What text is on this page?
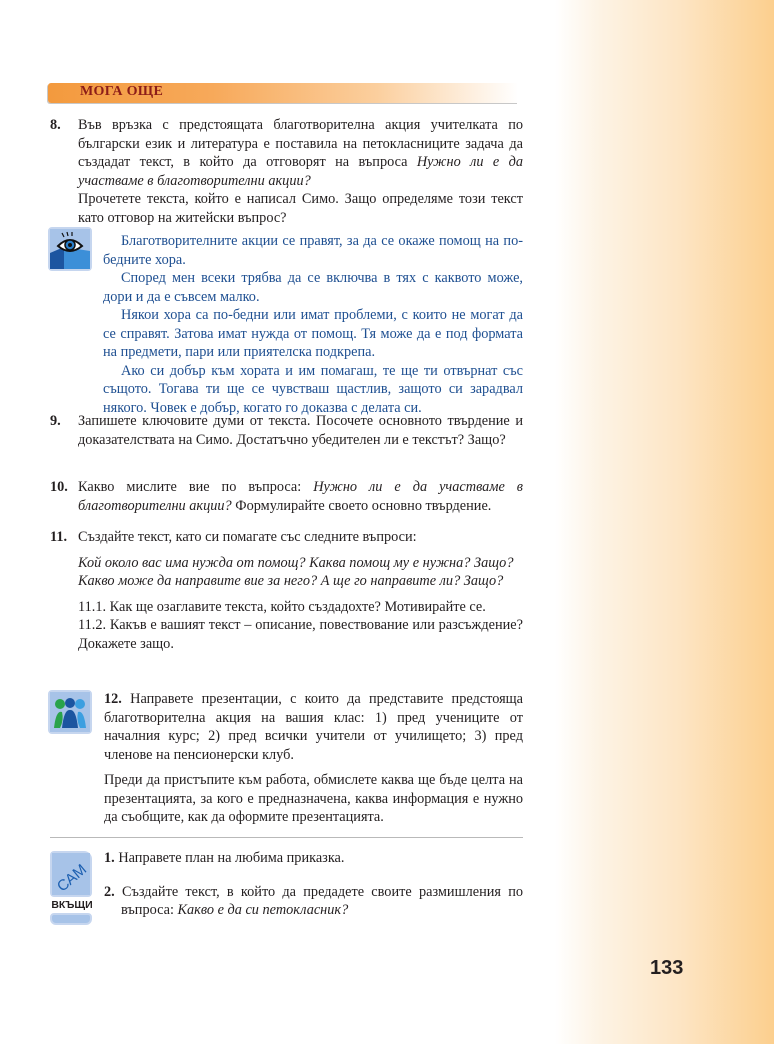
МОГА ОЩЕ
8. Във връзка с предстоящата благотворителна акция учителката по български език и литература е поставила на петокласниците задача да създадат текст, в който да отговорят на въпроса Нужно ли е да участваме в благотворителни акции?
Прочетете текста, който е написал Симо. Защо определяме този текст като отговор на житейски въпрос?

Благотворителните акции се правят, за да се окаже помощ на по-бедните хора.

Според мен всеки трябва да се включва в тях с каквото може, дори и да е съвсем малко.

Някои хора са по-бедни или имат проблеми, с които не могат да се справят. Затова имат нужда от помощ. Тя може да е под формата на предмети, пари или приятелска подкрепа.

Ако си добър към хората и им помагаш, те ще ти отвърнат със същото. Тогава ти ще се чувстваш щастлив, защото си зарадвал някого. Човек е добър, когато го доказва с делата си.

9. Запишете ключовите думи от текста. Посочете основното твърдение и доказателствата на Симо. Достатъчно убедителен ли е текстът? Защо?
10. Какво мислите вие по въпроса: Нужно ли е да участваме в благотворителни акции? Формулирайте своето основно твърдение.
11. Създайте текст, като си помагате със следните въпроси:
Кой около вас има нужда от помощ? Каква помощ му е нужна? Защо?
Какво може да направите вие за него? А ще го направите ли? Защо?
11.1. Как ще озаглавите текста, който създадохте? Мотивирайте се.
11.2. Какъв е вашият текст – описание, повествование или разсъждение? Докажете защо.
12. Направете презентации, с които да представите предстояща благотворителна акция на вашия клас: 1) пред учениците от началния курс; 2) пред всички учители от училището; 3) пред членове на пенсионерски клуб.
Преди да пристъпите към работа, обмислете каква ще бъде целта на презентацията, за кого е предназначена, каква информация е нужно да съобщите, как да оформите презентацията.
САМ
ВКЪЩИ
1. Направете план на любима приказка.
2. Създайте текст, в който да предадете своите размишления по въпроса: Какво е да си петокласник?
133
